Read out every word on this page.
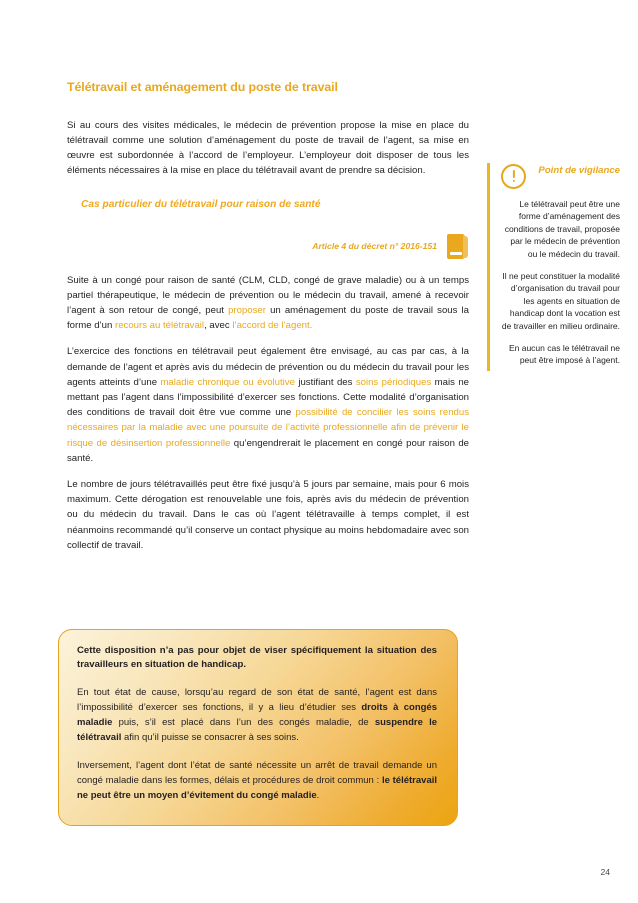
Télétravail et aménagement du poste de travail

Si au cours des visites médicales, le médecin de prévention propose la mise en place du télétravail comme une solution d’aménagement du poste de travail de l’agent, sa mise en œuvre est subordonnée à l’accord de l’employeur. L’employeur doit disposer de tous les éléments nécessaires à la mise en place du télétravail avant de prendre sa décision.

Cas particulier du télétravail pour raison de santé
Article 4 du décret n° 2016-151

Suite à un congé pour raison de santé (CLM, CLD, congé de grave maladie) ou à un temps partiel thérapeutique, le médecin de prévention ou le médecin du travail, amené à recevoir l’agent à son retour de congé, peut proposer un aménagement du poste de travail sous la forme d’un recours au télétravail, avec l’accord de l’agent.

L’exercice des fonctions en télétravail peut également être envisagé, au cas par cas, à la demande de l’agent et après avis du médecin de prévention ou du médecin du travail pour les agents atteints d’une maladie chronique ou évolutive justifiant des soins périodiques mais ne mettant pas l’agent dans l’impossibilité d’exercer ses fonctions. Cette modalité d’organisation des conditions de travail doit être vue comme une possibilité de concilier les soins rendus nécessaires par la maladie avec une poursuite de l’activité professionnelle afin de prévenir le risque de désinsertion professionnelle qu’engendrerait le placement en congé pour raison de santé.

Le nombre de jours télétravaillés peut être fixé jusqu’à 5 jours par semaine, mais pour 6 mois maximum. Cette dérogation est renouvelable une fois, après avis du médecin de prévention ou du médecin du travail. Dans le cas où l’agent télétravaille à temps complet, il est néanmoins recommandé qu’il conserve un contact physique au moins hebdomadaire avec son collectif de travail.

Point de vigilance

Le télétravail peut être une forme d’aménagement des conditions de travail, proposée par le médecin de prévention ou le médecin du travail.

Il ne peut constituer la modalité d’organisation du travail pour les agents en situation de handicap dont la vocation est de travailler en milieu ordinaire.

En aucun cas le télétravail ne peut être imposé à l’agent.

Cette disposition n’a pas pour objet de viser spécifiquement la situation des travailleurs en situation de handicap.

En tout état de cause, lorsqu’au regard de son état de santé, l’agent est dans l’impossibilité d’exercer ses fonctions, il y a lieu d’étudier ses droits à congés maladie puis, s’il est placé dans l’un des congés maladie, de suspendre le télétravail afin qu’il puisse se consacrer à ses soins.

Inversement, l’agent dont l’état de santé nécessite un arrêt de travail demande un congé maladie dans les formes, délais et procédures de droit commun : le télétravail ne peut être un moyen d’évitement du congé maladie.

24
